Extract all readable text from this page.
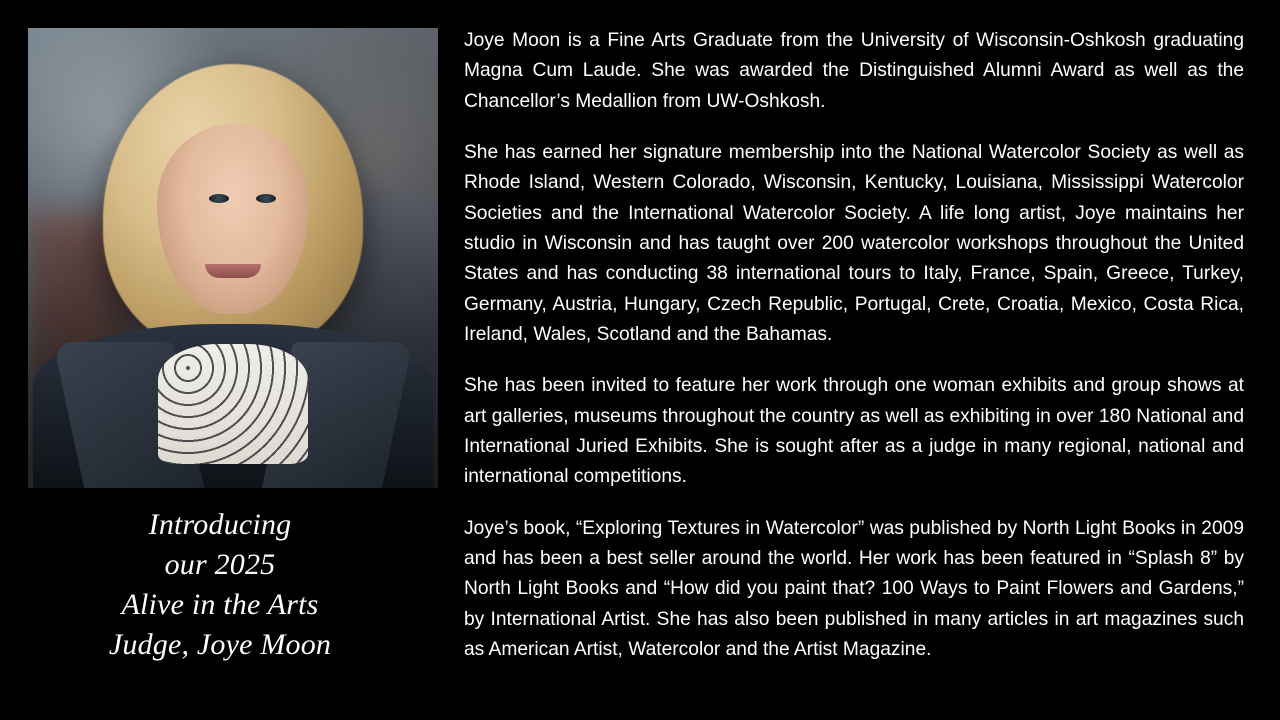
Introducing
our 2025
Alive in the Arts
Judge, Joye Moon

Joye Moon is a Fine Arts Graduate from the University of Wisconsin-Oshkosh graduating Magna Cum Laude. She was awarded the Distinguished Alumni Award as well as the Chancellor’s Medallion from UW-Oshkosh.

She has earned her signature membership into the National Watercolor Society as well as Rhode Island, Western Colorado, Wisconsin, Kentucky, Louisiana, Mississippi Watercolor Societies and the International Watercolor Society. A life long artist, Joye maintains her studio in Wisconsin and has taught over 200 watercolor workshops throughout the United States and has conducting 38 international tours to Italy, France, Spain, Greece, Turkey, Germany, Austria, Hungary, Czech Republic, Portugal, Crete, Croatia, Mexico, Costa Rica, Ireland, Wales, Scotland and the Bahamas.

She has been invited to feature her work through one woman exhibits and group shows at art galleries, museums throughout the country as well as exhibiting in over 180 National and International Juried Exhibits. She is sought after as a judge in many regional, national and international competitions.

Joye’s book, “Exploring Textures in Watercolor” was published by North Light Books in 2009 and has been a best seller around the world. Her work has been featured in “Splash 8” by North Light Books and “How did you paint that? 100 Ways to Paint Flowers and Gardens,” by International Artist. She has also been published in many articles in art magazines such as American Artist, Watercolor and the Artist Magazine.
